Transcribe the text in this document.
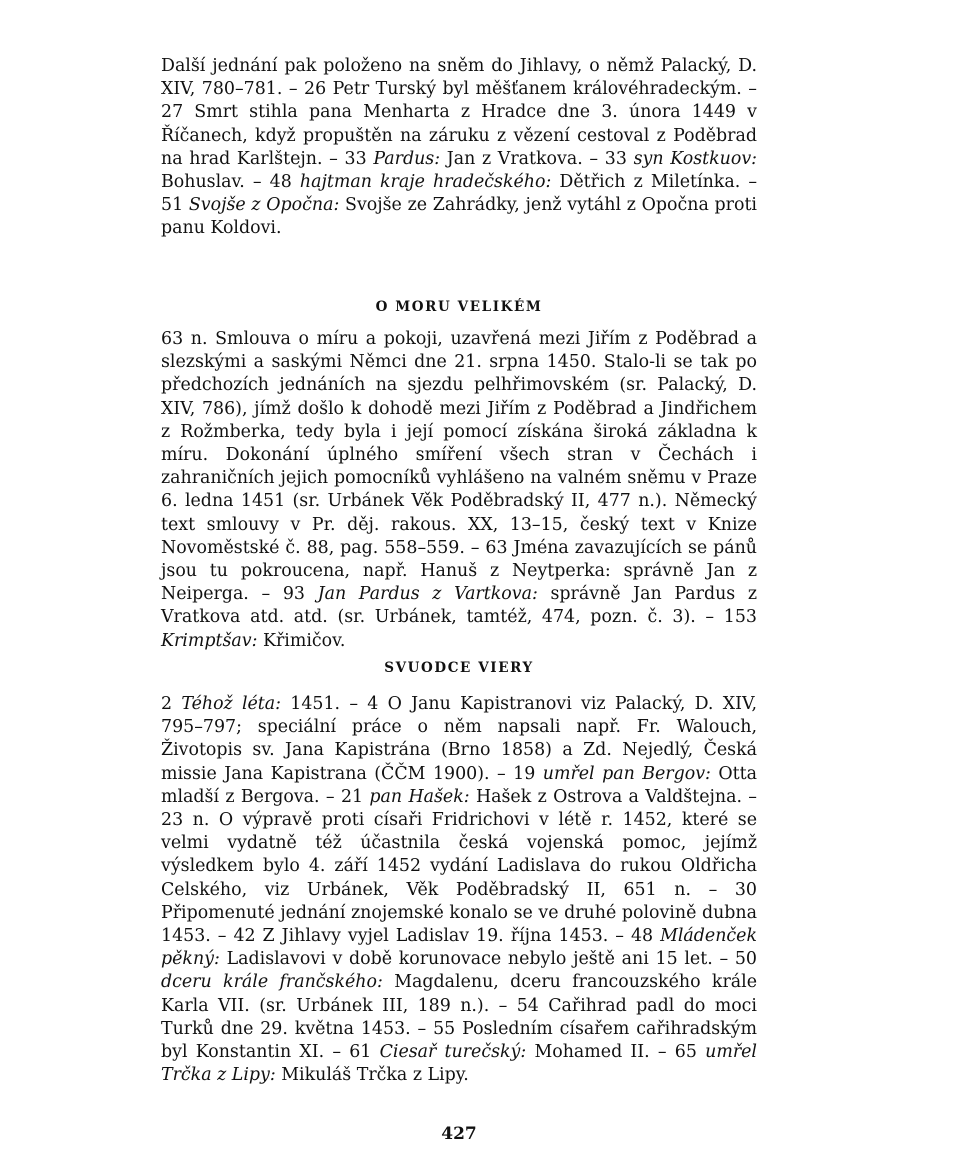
Další jednání pak položeno na sněm do Jihlavy, o němž Palacký, D. XIV, 780–781. – 26 Petr Turský byl měšťanem královéhradeckým. – 27 Smrt stihla pana Menharta z Hradce dne 3. února 1449 v Říčanech, když propuštěn na záruku z vězení cestoval z Poděbrad na hrad Karlštejn. – 33 Pardus: Jan z Vratkova. – 33 syn Kostkuov: Bohuslav. – 48 hajtman kraje hradečského: Dětřich z Miletínka. – 51 Svojše z Opočna: Svojše ze Zahrádky, jenž vytáhl z Opočna proti panu Koldovi.

O MORU VELIKÉM

63 n. Smlouva o míru a pokoji, uzavřená mezi Jiřím z Poděbrad a slezskými a saskými Němci dne 21. srpna 1450. Stalo-li se tak po předchozích jednáních na sjezdu pelhřimovském (sr. Palacký, D. XIV, 786), jímž došlo k dohodě mezi Jiřím z Poděbrad a Jindřichem z Rožmberka, tedy byla i její pomocí získána široká základna k míru. Dokonání úplného smíření všech stran v Čechách i zahraničních jejich pomocníků vyhlášeno na valném sněmu v Praze 6. ledna 1451 (sr. Urbánek Věk Poděbradský II, 477 n.). Německý text smlouvy v Pr. děj. rakous. XX, 13–15, český text v Knize Novoměstské č. 88, pag. 558–559. – 63 Jména zavazujících se pánů jsou tu pokroucena, např. Hanuš z Neytperka: správně Jan z Neiperga. – 93 Jan Pardus z Vartkova: správně Jan Pardus z Vratkova atd. atd. (sr. Urbánek, tamtéž, 474, pozn. č. 3). – 153 Krimptšav: Křimičov.

SVUODCE VIERY

2 Téhož léta: 1451. – 4 O Janu Kapistranovi viz Palacký, D. XIV, 795–797; speciální práce o něm napsali např. Fr. Walouch, Životopis sv. Jana Kapistrána (Brno 1858) a Zd. Nejedlý, Česká missie Jana Kapistrana (ČČM 1900). – 19 umřel pan Bergov: Otta mladší z Bergova. – 21 pan Hašek: Hašek z Ostrova a Valdštejna. – 23 n. O výpravě proti císaři Fridrichovi v létě r. 1452, které se velmi vydatně též účastnila česká vojenská pomoc, jejímž výsledkem bylo 4. září 1452 vydání Ladislava do rukou Oldřicha Celského, viz Urbánek, Věk Poděbradský II, 651 n. – 30 Připomenuté jednání znojemské konalo se ve druhé polovině dubna 1453. – 42 Z Jihlavy vyjel Ladislav 19. října 1453. – 48 Mládenček pěkný: Ladislavovi v době korunovace nebylo ještě ani 15 let. – 50 dceru krále frančského: Magdalenu, dceru francouzského krále Karla VII. (sr. Urbánek III, 189 n.). – 54 Cařihrad padl do moci Turků dne 29. května 1453. – 55 Posledním císařem cařihradským byl Konstantin XI. – 61 Ciesař turečský: Mohamed II. – 65 umřel Trčka z Lipy: Mikuláš Trčka z Lipy.

427
